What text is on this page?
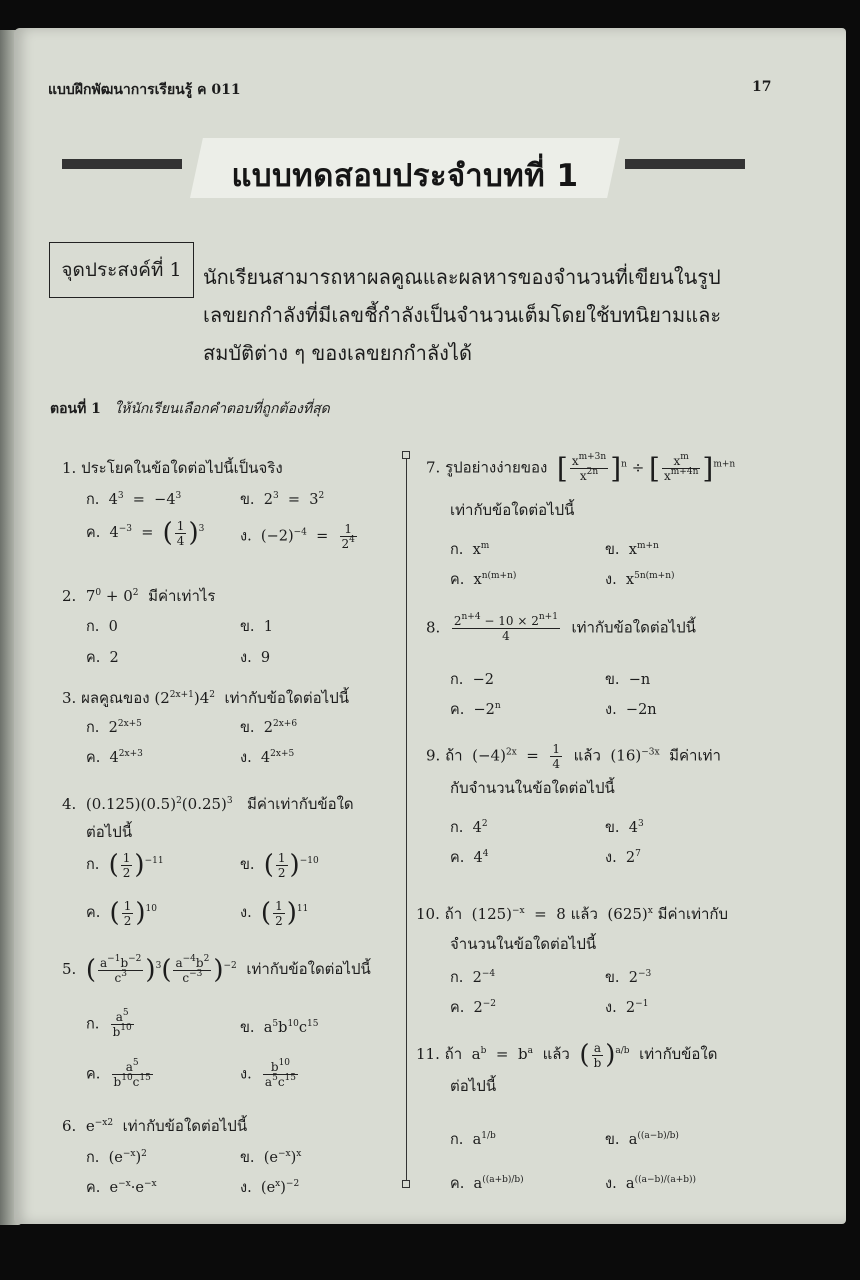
แบบฝึกพัฒนาการเรียนรู้ ค 011	17
แบบทดสอบประจำบทที่ 1
จุดประสงค์ที่ 1	นักเรียนสามารถหาผลคูณและผลหารของจำนวนที่เขียนในรูป
เลขยกกำลังที่มีเลขชี้กำลังเป็นจำนวนเต็มโดยใช้บทนิยามและ
สมบัติต่าง ๆ ของเลขยกกำลังได้
ตอนที่ 1 ให้นักเรียนเลือกคำตอบที่ถูกต้องที่สุด
1. ประโยคในข้อใดต่อไปนี้เป็นจริง
ก.  $4^3 = -4^3$	ข.  $2^3 = 3^2$
ค.  $4^{-3}$  =  ( $\frac{1}{4} )^3$ ง.  $(-2)^{-4} = \frac{1}{2^4}$
2.  $7^0 + 0^2$ มีค่าเท่าไร
ก.  0	ข.  1
ค.  2	ง.  9
3. ผลคูณของ $(2^{2x+1})4^2$ เท่ากับข้อใดต่อไปนี้
ก.  $2^{2x+5}$	ข.  $2^{2x+6}$
ค.  $4^{2x+3}$	ง.  $4^{2x+5}$
4.  $(0.125)(0.5)^2(0.25)^3$ มีค่าเท่ากับข้อใด
ต่อไปนี้
ก. ( $\frac{1}{2} )^{-11}$	ข. ( $\frac{1}{2} )^{-10}$
ค. ( $\frac{1}{2} )^{10}$	ง. ( $\frac{1}{2} )^{11}$
5.  ( $\frac{a^{-1}b^{-2}}{c^3} )^3( \frac{a^{-4}b^2}{c^{-3}} )^{-2}$ เท่ากับข้อใดต่อไปนี้
ก. $\frac{a^5}{b^{10}}$	ข.  $a^5b^{10}c^{15}$
ค. $\frac{a^5}{b^{10}c^{15}}$	ง. $\frac{b^{10}}{a^5c^{15}}$
6.  $e^{-x2}$ เท่ากับข้อใดต่อไปนี้
ก.  $(e^{-x})^2$	ข.  $(e^{-x})^x$
ค.  $e^{-x}\cdot e^{-x}$	ง.  $(e^x)^{-2}$
7. รูปอย่างง่ายของ [ $\frac{x^{m+3n}}{x^{2n}} ]^n$ ÷ [ $\frac{x^m}{x^{m+4n}} ]^{m+n}$
เท่ากับข้อใดต่อไปนี้
ก.  $x^m$	ข.  $x^{m+n}$
ค.  $x^{n(m+n)}$	ง.  $x^{5n(m+n)}$
8. $\frac{2^{n+4} - 10 \times 2^{n+1}}{4}$ เท่ากับข้อใดต่อไปนี้
ก.  −2	ข.  −n
ค.  $-2^n$	ง.  −2n
9. ถ้า  $(-4)^{2x} = \frac{1}{4}$ แล้ว  $(16)^{-3x}$ มีค่าเท่า
กับจำนวนในข้อใดต่อไปนี้
ก.  $4^2$	ข.  $4^3$
ค.  $4^4$	ง.  $2^7$
10. ถ้า  $(125)^{-x} = 8$ แล้ว  $(625)^x$ มีค่าเท่ากับ
จำนวนในข้อใดต่อไปนี้
ก.  $2^{-4}$	ข.  $2^{-3}$
ค.  $2^{-2}$	ง.  $2^{-1}$
11. ถ้า  $a^b = b^a$ แล้ว ( $\frac{a}{b} )^{a/b}$ เท่ากับข้อใด
ต่อไปนี้
ก.  $a^{1/b}$	ข.  $a^{((a-b)/b)}$
ค.  $a^{((a+b)/b)}$	ง.  $a^{((a-b)/(a+b))}$
